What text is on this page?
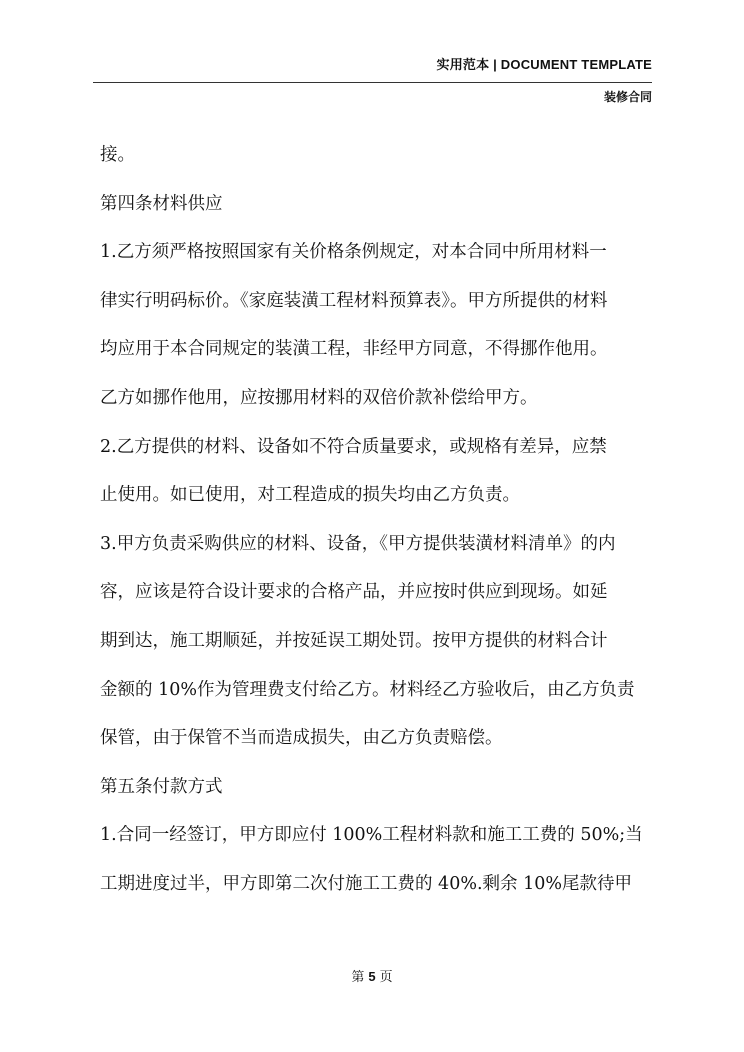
实用范本 | DOCUMENT TEMPLATE
装修合同
接。
第四条材料供应
1.乙方须严格按照国家有关价格条例规定，对本合同中所用材料一
律实行明码标价。《家庭装潢工程材料预算表》。甲方所提供的材料
均应用于本合同规定的装潢工程，非经甲方同意，不得挪作他用。
乙方如挪作他用，应按挪用材料的双倍价款补偿给甲方。
2.乙方提供的材料、设备如不符合质量要求，或规格有差异，应禁
止使用。如已使用，对工程造成的损失均由乙方负责。
3.甲方负责采购供应的材料、设备，《甲方提供装潢材料清单》的内
容，应该是符合设计要求的合格产品，并应按时供应到现场。如延
期到达，施工期顺延，并按延误工期处罚。按甲方提供的材料合计
金额的 10%作为管理费支付给乙方。材料经乙方验收后，由乙方负责
保管，由于保管不当而造成损失，由乙方负责赔偿。
第五条付款方式
1.合同一经签订，甲方即应付 100%工程材料款和施工工费的 50%;当
工期进度过半，甲方即第二次付施工工费的 40%.剩余 10%尾款待甲
第 5 页
